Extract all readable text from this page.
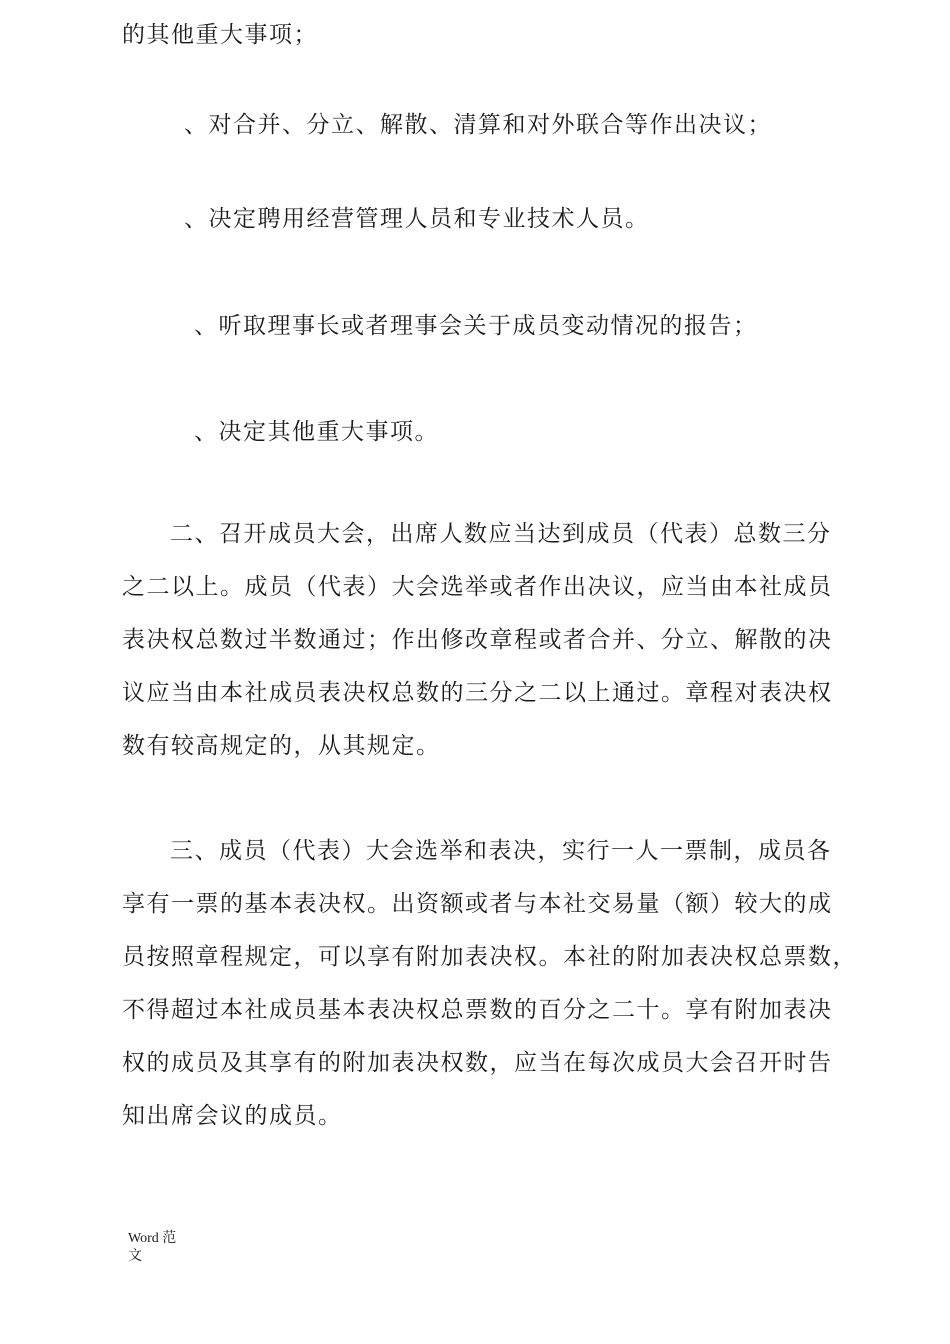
的其他重大事项；
、对合并、分立、解散、清算和对外联合等作出决议；
、决定聘用经营管理人员和专业技术人员。
、听取理事长或者理事会关于成员变动情况的报告；
、决定其他重大事项。
二、召开成员大会，出席人数应当达到成员（代表）总数三分
之二以上。成员（代表）大会选举或者作出决议，应当由本社成员
表决权总数过半数通过；作出修改章程或者合并、分立、解散的决
议应当由本社成员表决权总数的三分之二以上通过。章程对表决权
数有较高规定的，从其规定。
三、成员（代表）大会选举和表决，实行一人一票制，成员各
享有一票的基本表决权。出资额或者与本社交易量（额）较大的成
员按照章程规定，可以享有附加表决权。本社的附加表决权总票数，
不得超过本社成员基本表决权总票数的百分之二十。享有附加表决
权的成员及其享有的附加表决权数，应当在每次成员大会召开时告
知出席会议的成员。
Word 范
文
